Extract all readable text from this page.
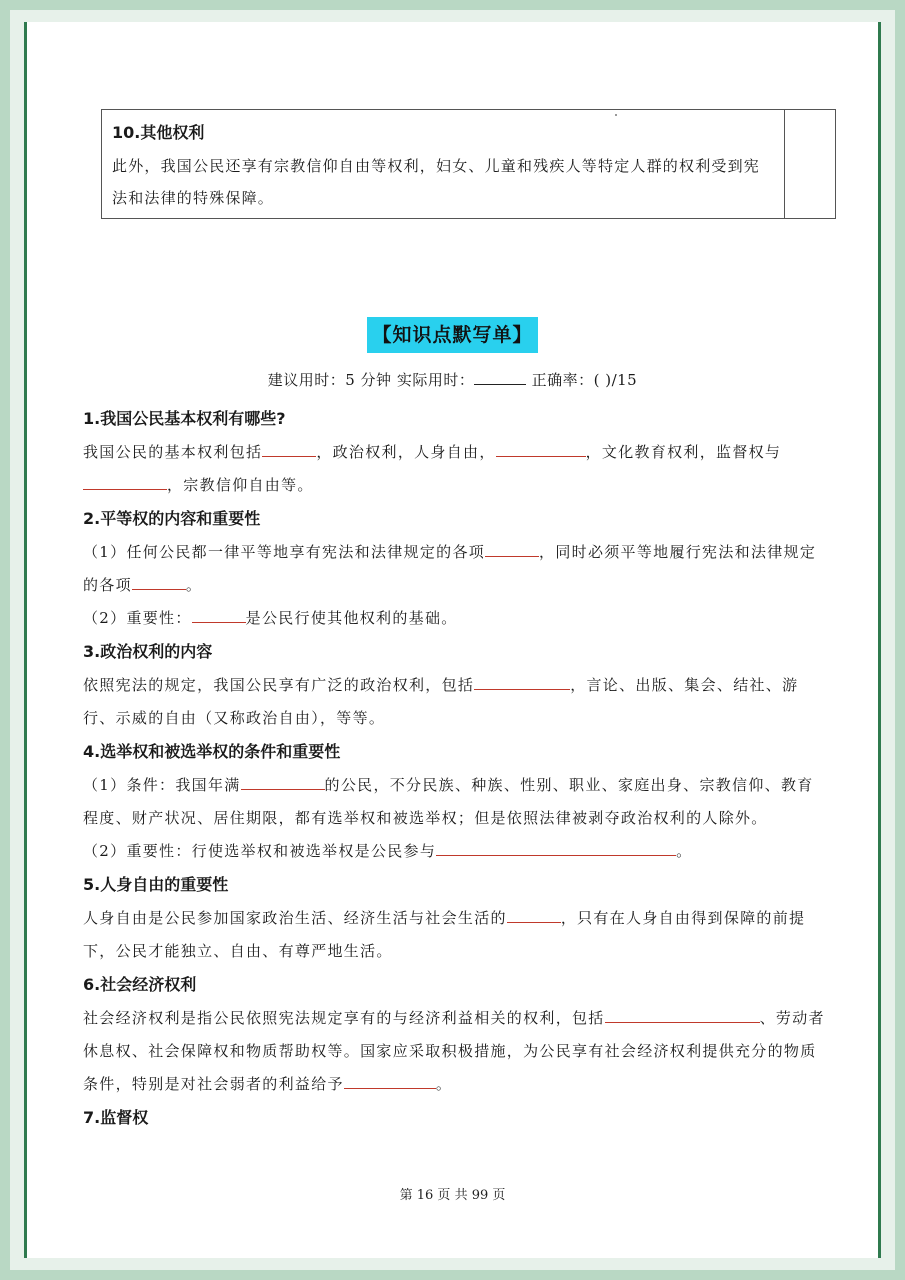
10.其他权利
此外，我国公民还享有宗教信仰自由等权利，妇女、儿童和残疾人等特定人群的权利受到宪法和法律的特殊保障。
【知识点默写单】
建议用时：5 分钟 实际用时：	正确率：( )/15
1.我国公民基本权利有哪些?

我国公民的基本权利包括	，政治权利，人身自由，	，文化教育权利，监督权与，宗教信仰自由等。

2.平等权的内容和重要性

（1）任何公民都一律平等地享有宪法和法律规定的各项	，同时必须平等地履行宪法和法律规定的各项	。

（2）重要性：	是公民行使其他权利的基础。

3.政治权利的内容

依照宪法的规定，我国公民享有广泛的政治权利，包括	，言论、出版、集会、结社、游行、示威的自由（又称政治自由），等等。

4.选举权和被选举权的条件和重要性

（1）条件：我国年满	的公民，不分民族、种族、性别、职业、家庭出身、宗教信仰、教育程度、财产状况、居住期限，都有选举权和被选举权；但是依照法律被剥夺政治权利的人除外。

（2）重要性：行使选举权和被选举权是公民参与	。

5.人身自由的重要性

人身自由是公民参加国家政治生活、经济生活与社会生活的	，只有在人身自由得到保障的前提下，公民才能独立、自由、有尊严地生活。

6.社会经济权利

社会经济权利是指公民依照宪法规定享有的与经济利益相关的权利，包括	、劳动者休息权、社会保障权和物质帮助权等。国家应采取积极措施，为公民享有社会经济权利提供充分的物质条件，特别是对社会弱者的利益给予	。

7.监督权
第 16 页 共 99 页
